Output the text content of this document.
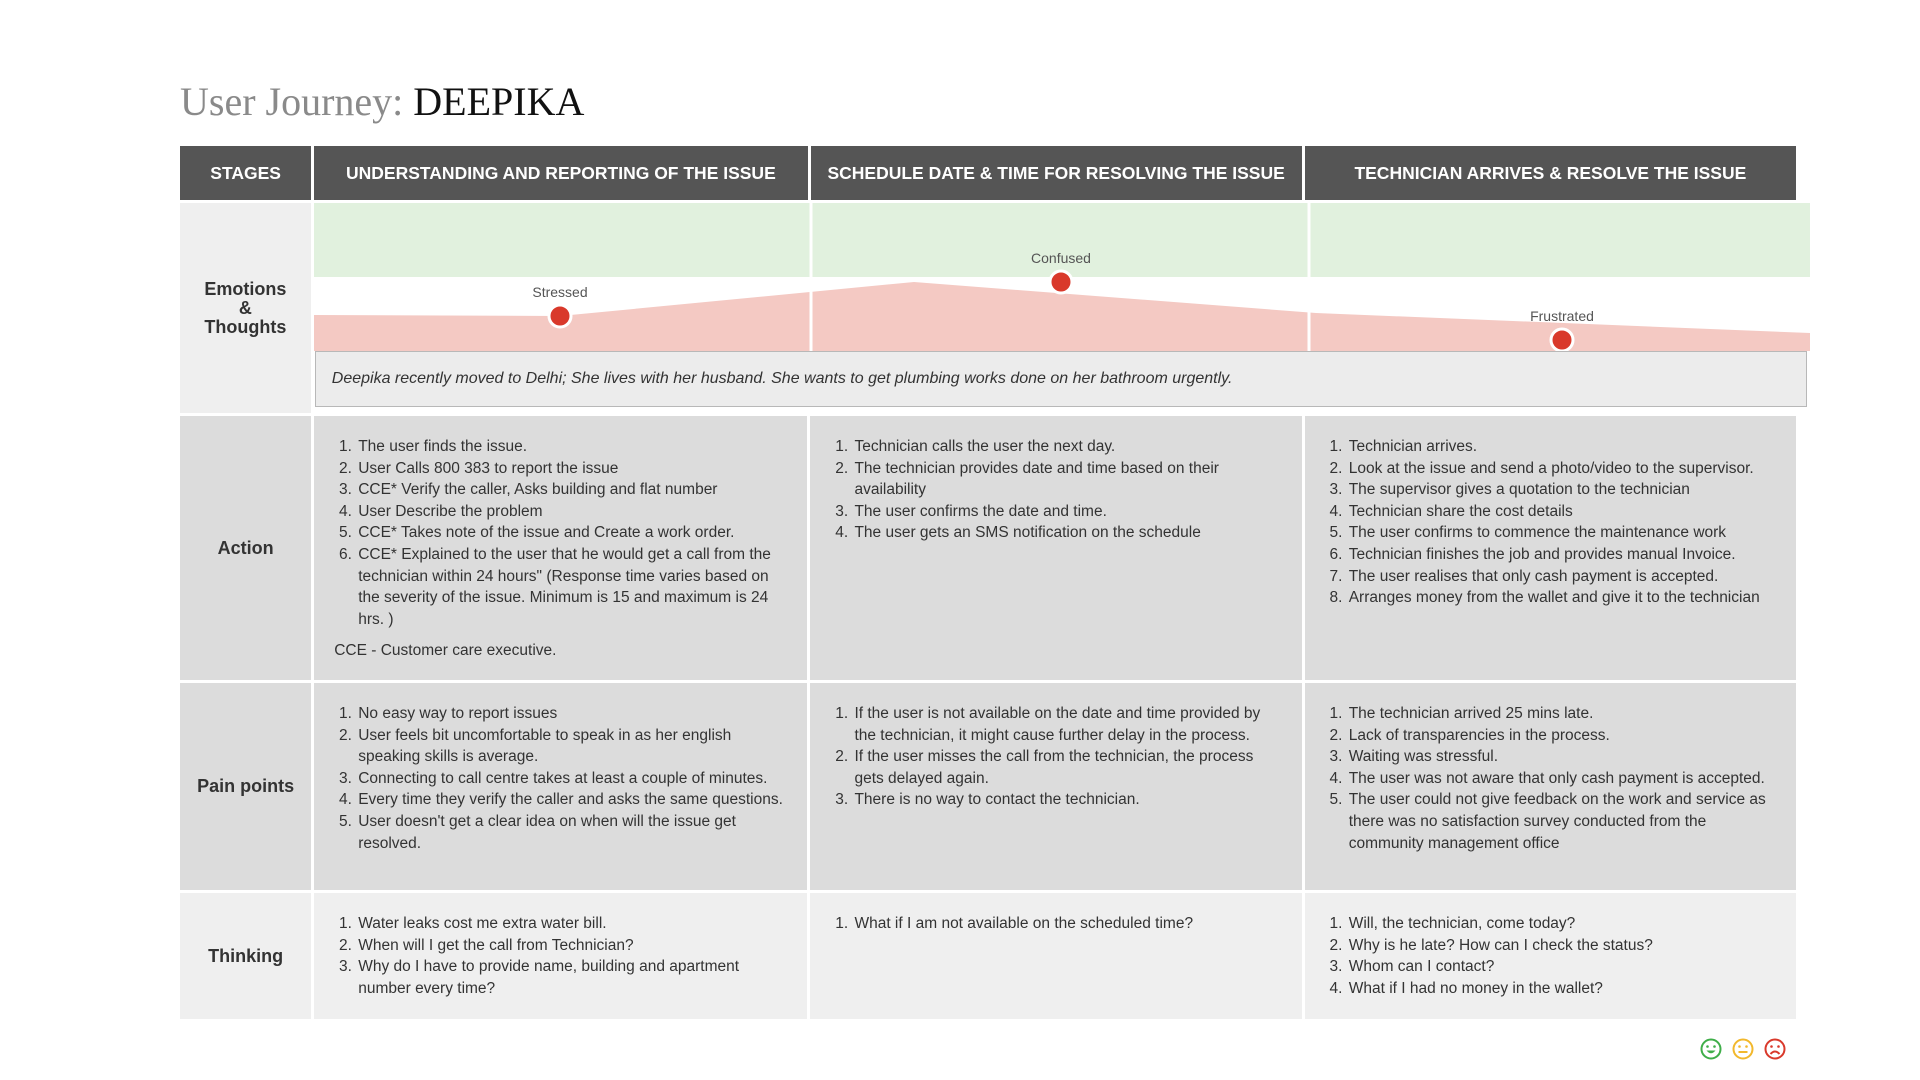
User Journey: DEEPIKA
STAGES	UNDERSTANDING AND REPORTING OF THE ISSUE	SCHEDULE DATE & TIME FOR RESOLVING THE ISSUE	TECHNICIAN ARRIVES & RESOLVE THE ISSUE
Emotions
&
Thoughts
Stressed
Confused
Frustrated
Deepika recently moved to Delhi; She lives with her husband. She wants to get plumbing works done on her bathroom urgently.
Action
1. The user finds the issue.
2. User Calls 800 383 to report the issue
3. CCE* Verify the caller, Asks building and flat number
4. User Describe the problem
5. CCE* Takes note of the issue and Create a work order.
6. CCE* Explained to the user that he would get a call from the technician within 24 hours" (Response time varies based on the severity of the issue. Minimum is 15 and maximum is 24 hrs. )
CCE - Customer care executive.
1. Technician calls the user the next day.
2. The technician provides date and time based on their availability
3. The user confirms the date and time.
4. The user gets an SMS notification on the schedule
1. Technician arrives.
2. Look at the issue and send a photo/video to the supervisor.
3. The supervisor gives a quotation to the technician
4. Technician share the cost details
5. The user confirms to commence the maintenance work
6. Technician finishes the job and provides manual Invoice.
7. The user realises that only cash payment is accepted.
8. Arranges money from the wallet and give it to the technician
Pain points
1. No easy way to report issues
2. User feels bit uncomfortable to speak in as her english speaking skills is average.
3. Connecting to call centre takes at least a couple of minutes.
4. Every time they verify the caller and asks the same questions.
5. User doesn't get a clear idea on when will the issue get resolved.
1. If the user is not available on the date and time provided by the technician, it might cause further delay in the process.
2. If the user misses the call from the technician, the process gets delayed again.
3. There is no way to contact the technician.
1. The technician arrived 25 mins late.
2. Lack of transparencies in the process.
3. Waiting was stressful.
4. The user was not aware that only cash payment is accepted.
5. The user could not give feedback on the work and service as there was no satisfaction survey conducted from the community management office
Thinking
1. Water leaks cost me extra water bill.
2. When will I get the call from Technician?
3. Why do I have to provide name, building and apartment number every time?
1. What if I am not available on the scheduled time?
1.	Will, the technician, come today?
2. Why is he late? How can I check the status?
3. Whom can I contact?
4. What if I had no money in the wallet?
